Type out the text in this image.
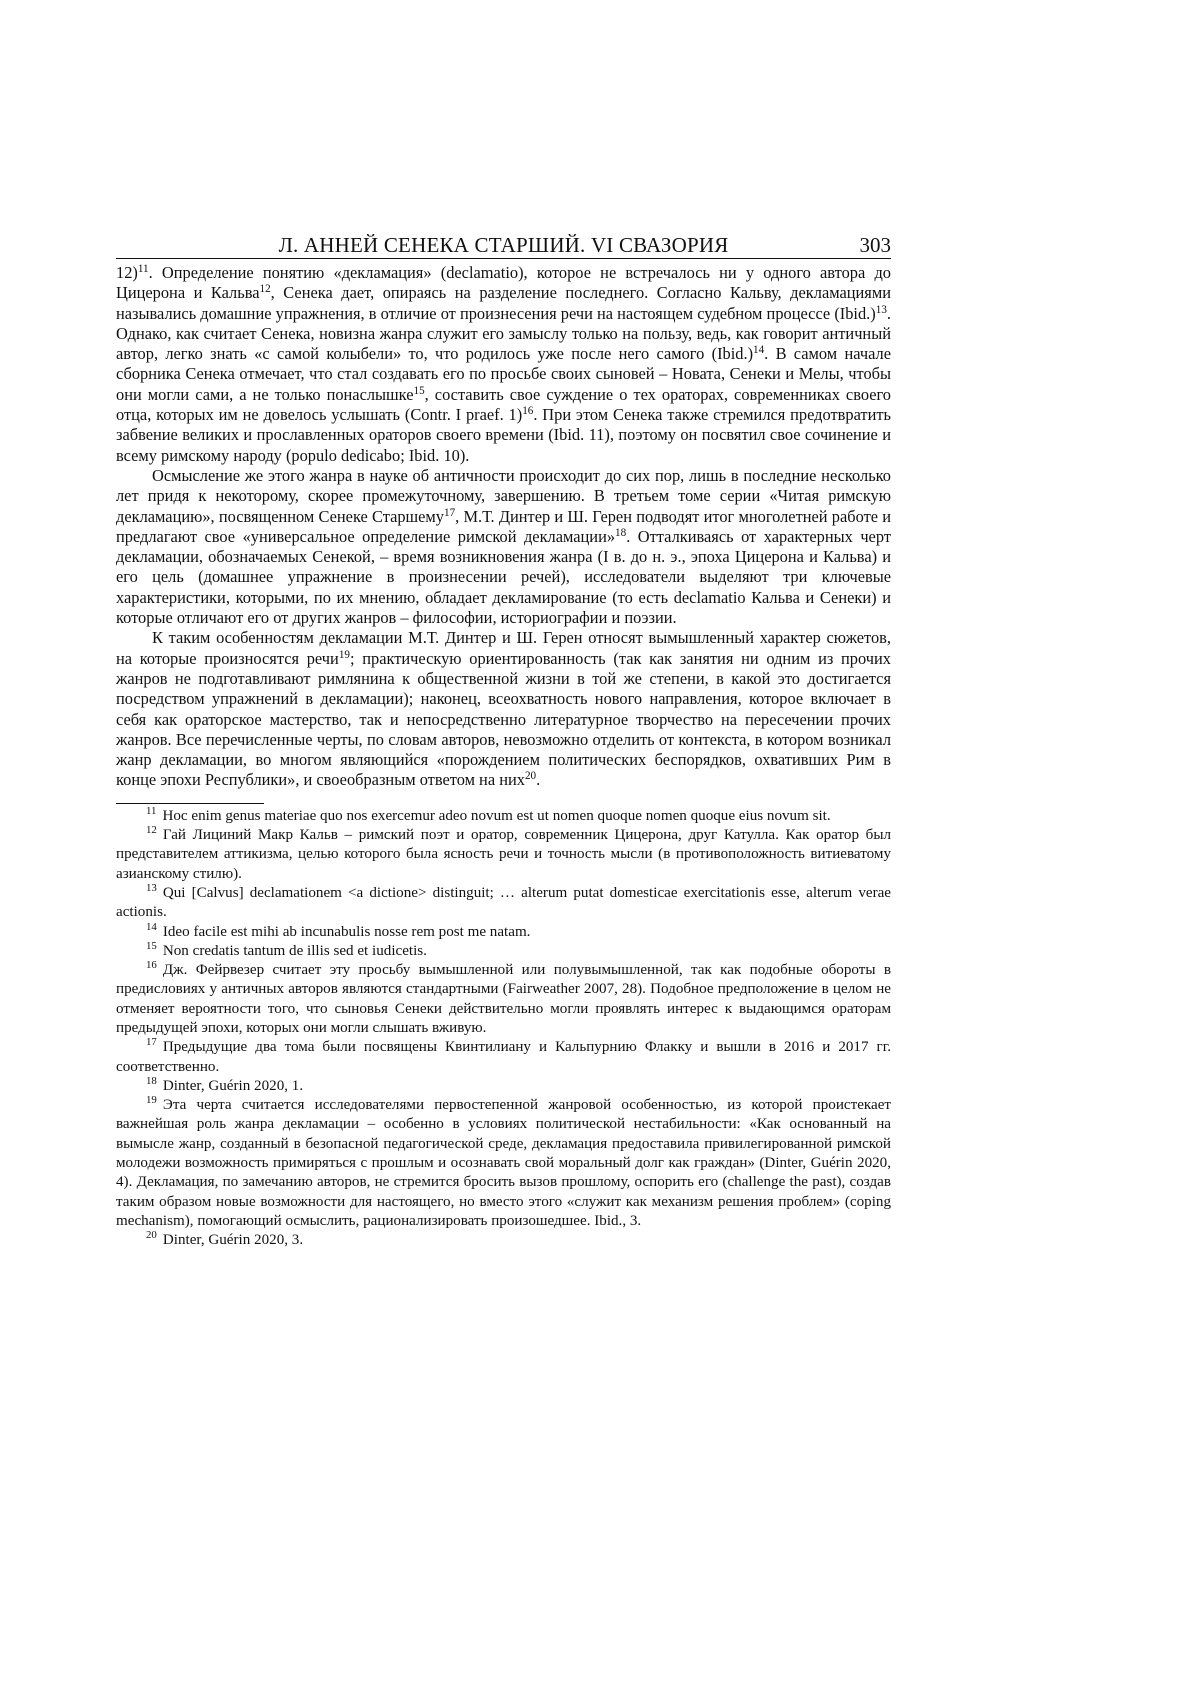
Л. АННЕЙ СЕНЕКА СТАРШИЙ. VI СВАЗОРИЯ	303

12)$^{11}$. Определение понятию «декламация» (declamatio), которое не встречалось ни у одного автора до Цицерона и Кальва$^{12}$, Сенека дает, опираясь на разделение последнего. Согласно Кальву, декламациями назывались домашние упражнения, в отличие от произнесения речи на настоящем судебном процессе (Ibid.)$^{13}$. Однако, как считает Сенека, новизна жанра служит его замыслу только на пользу, ведь, как говорит античный автор, легко знать «с самой колыбели» то, что родилось уже после него самого (Ibid.)$^{14}$. В самом начале сборника Сенека отмечает, что стал создавать его по просьбе своих сыновей – Новата, Сенеки и Мелы, чтобы они могли сами, а не только понаслышке$^{15}$, составить свое суждение о тех ораторах, современниках своего отца, которых им не довелось услышать (Contr. I praef. 1)$^{16}$. При этом Сенека также стремился предотвратить забвение великих и прославленных ораторов своего времени (Ibid. 11), поэтому он посвятил свое сочинение и всему римскому народу (populo dedicabo; Ibid. 10).

Осмысление же этого жанра в науке об античности происходит до сих пор, лишь в последние несколько лет придя к некоторому, скорее промежуточному, завершению. В третьем томе серии «Читая римскую декламацию», посвященном Сенеке Старшему$^{17}$, М.Т. Динтер и Ш. Герен подводят итог многолетней работе и предлагают свое «универсальное определение римской декламации»$^{18}$. Отталкиваясь от характерных черт декламации, обозначаемых Сенекой, – время возникновения жанра (I в. до н. э., эпоха Цицерона и Кальва) и его цель (домашнее упражнение в произнесении речей), исследователи выделяют три ключевые характеристики, которыми, по их мнению, обладает декламирование (то есть declamatio Кальва и Сенеки) и которые отличают его от других жанров – философии, историографии и поэзии.

К таким особенностям декламации М.Т. Динтер и Ш. Герен относят вымышленный характер сюжетов, на которые произносятся речи$^{19}$; практическую ориентированность (так как занятия ни одним из прочих жанров не подготавливают римлянина к общественной жизни в той же степени, в какой это достигается посредством упражнений в декламации); наконец, всеохватность нового направления, которое включает в себя как ораторское мастерство, так и непосредственно литературное творчество на пересечении прочих жанров. Все перечисленные черты, по словам авторов, невозможно отделить от контекста, в котором возникал жанр декламации, во многом являющийся «порождением политических беспорядков, охвативших Рим в конце эпохи Республики», и своеобразным ответом на них$^{20}$.

$^{11}$ Hoc enim genus materiae quo nos exercemur adeo novum est ut nomen quoque nomen quoque eius novum sit.

$^{12}$ Гай Лициний Макр Кальв – римский поэт и оратор, современник Цицерона, друг Катулла. Как оратор был представителем аттикизма, целью которого была ясность речи и точность мысли (в противоположность витиеватому азианскому стилю).

$^{13}$ Qui [Calvus] declamationem <a dictione> distinguit; … alterum putat domesticae exercitationis esse, alterum verae actionis.

$^{14}$ Ideo facile est mihi ab incunabulis nosse rem post me natam.

$^{15}$ Non credatis tantum de illis sed et iudicetis.

$^{16}$ Дж. Фейрвезер считает эту просьбу вымышленной или полувымышленной, так как подобные обороты в предисловиях у античных авторов являются стандартными (Fairweather 2007, 28). Подобное предположение в целом не отменяет вероятности того, что сыновья Сенеки действительно могли проявлять интерес к выдающимся ораторам предыдущей эпохи, которых они могли слышать вживую.

$^{17}$ Предыдущие два тома были посвящены Квинтилиану и Кальпурнию Флакку и вышли в 2016 и 2017 гг. соответственно.

$^{18}$ Dinter, Guérin 2020, 1.

$^{19}$ Эта черта считается исследователями первостепенной жанровой особенностью, из которой проистекает важнейшая роль жанра декламации – особенно в условиях политической нестабильности: «Как основанный на вымысле жанр, созданный в безопасной педагогической среде, декламация предоставила привилегированной римской молодежи возможность примиряться с прошлым и осознавать свой моральный долг как граждан» (Dinter, Guérin 2020, 4). Декламация, по замечанию авторов, не стремится бросить вызов прошлому, оспорить его (challenge the past), создав таким образом новые возможности для настоящего, но вместо этого «служит как механизм решения проблем» (coping mechanism), помогающий осмыслить, рационализировать произошедшее. Ibid., 3.

$^{20}$ Dinter, Guérin 2020, 3.
